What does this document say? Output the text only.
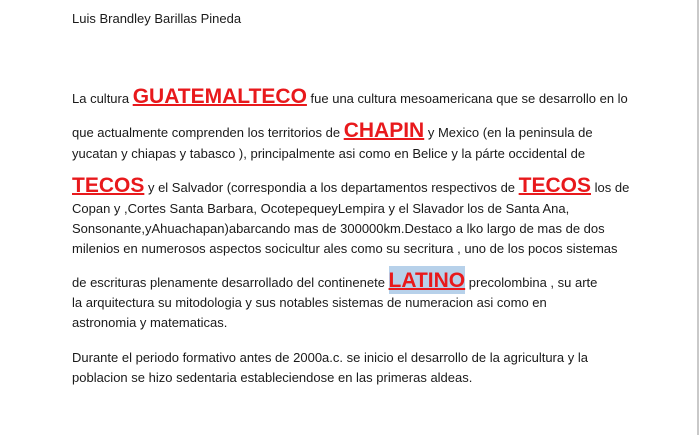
Luis Brandley Barillas Pineda
La cultura GUATEMALTECO fue una cultura mesoamericana que se desarrollo en lo
que actualmente comprenden los territorios de CHAPIN y Mexico (en la peninsula de
yucatan y chiapas y tabasco ), principalmente asi como en Belice y la párte occidental de
TECOS y el Salvador (correspondia a los departamentos respectivos de TECOS los de
Copan y ,Cortes Santa Barbara, OcotepequeyLempira y el Slavador los de Santa Ana,
Sonsonante,yAhuachapan)abarcando mas de 300000km.Destaco a lko largo de mas de dos
milenios en numerosos aspectos socicultur ales como su secritura , uno de los pocos sistemas
de escrituras plenamente desarrollado del continenete LATINO precolombina , su arte
la arquitectura su mitodologia y sus notables sistemas de numeracion asi como en
astronomia y matematicas.
Durante el periodo formativo antes de 2000a.c. se inicio el desarrollo de la agricultura y la
poblacion se hizo sedentaria estableciendose en las primeras aldeas.
